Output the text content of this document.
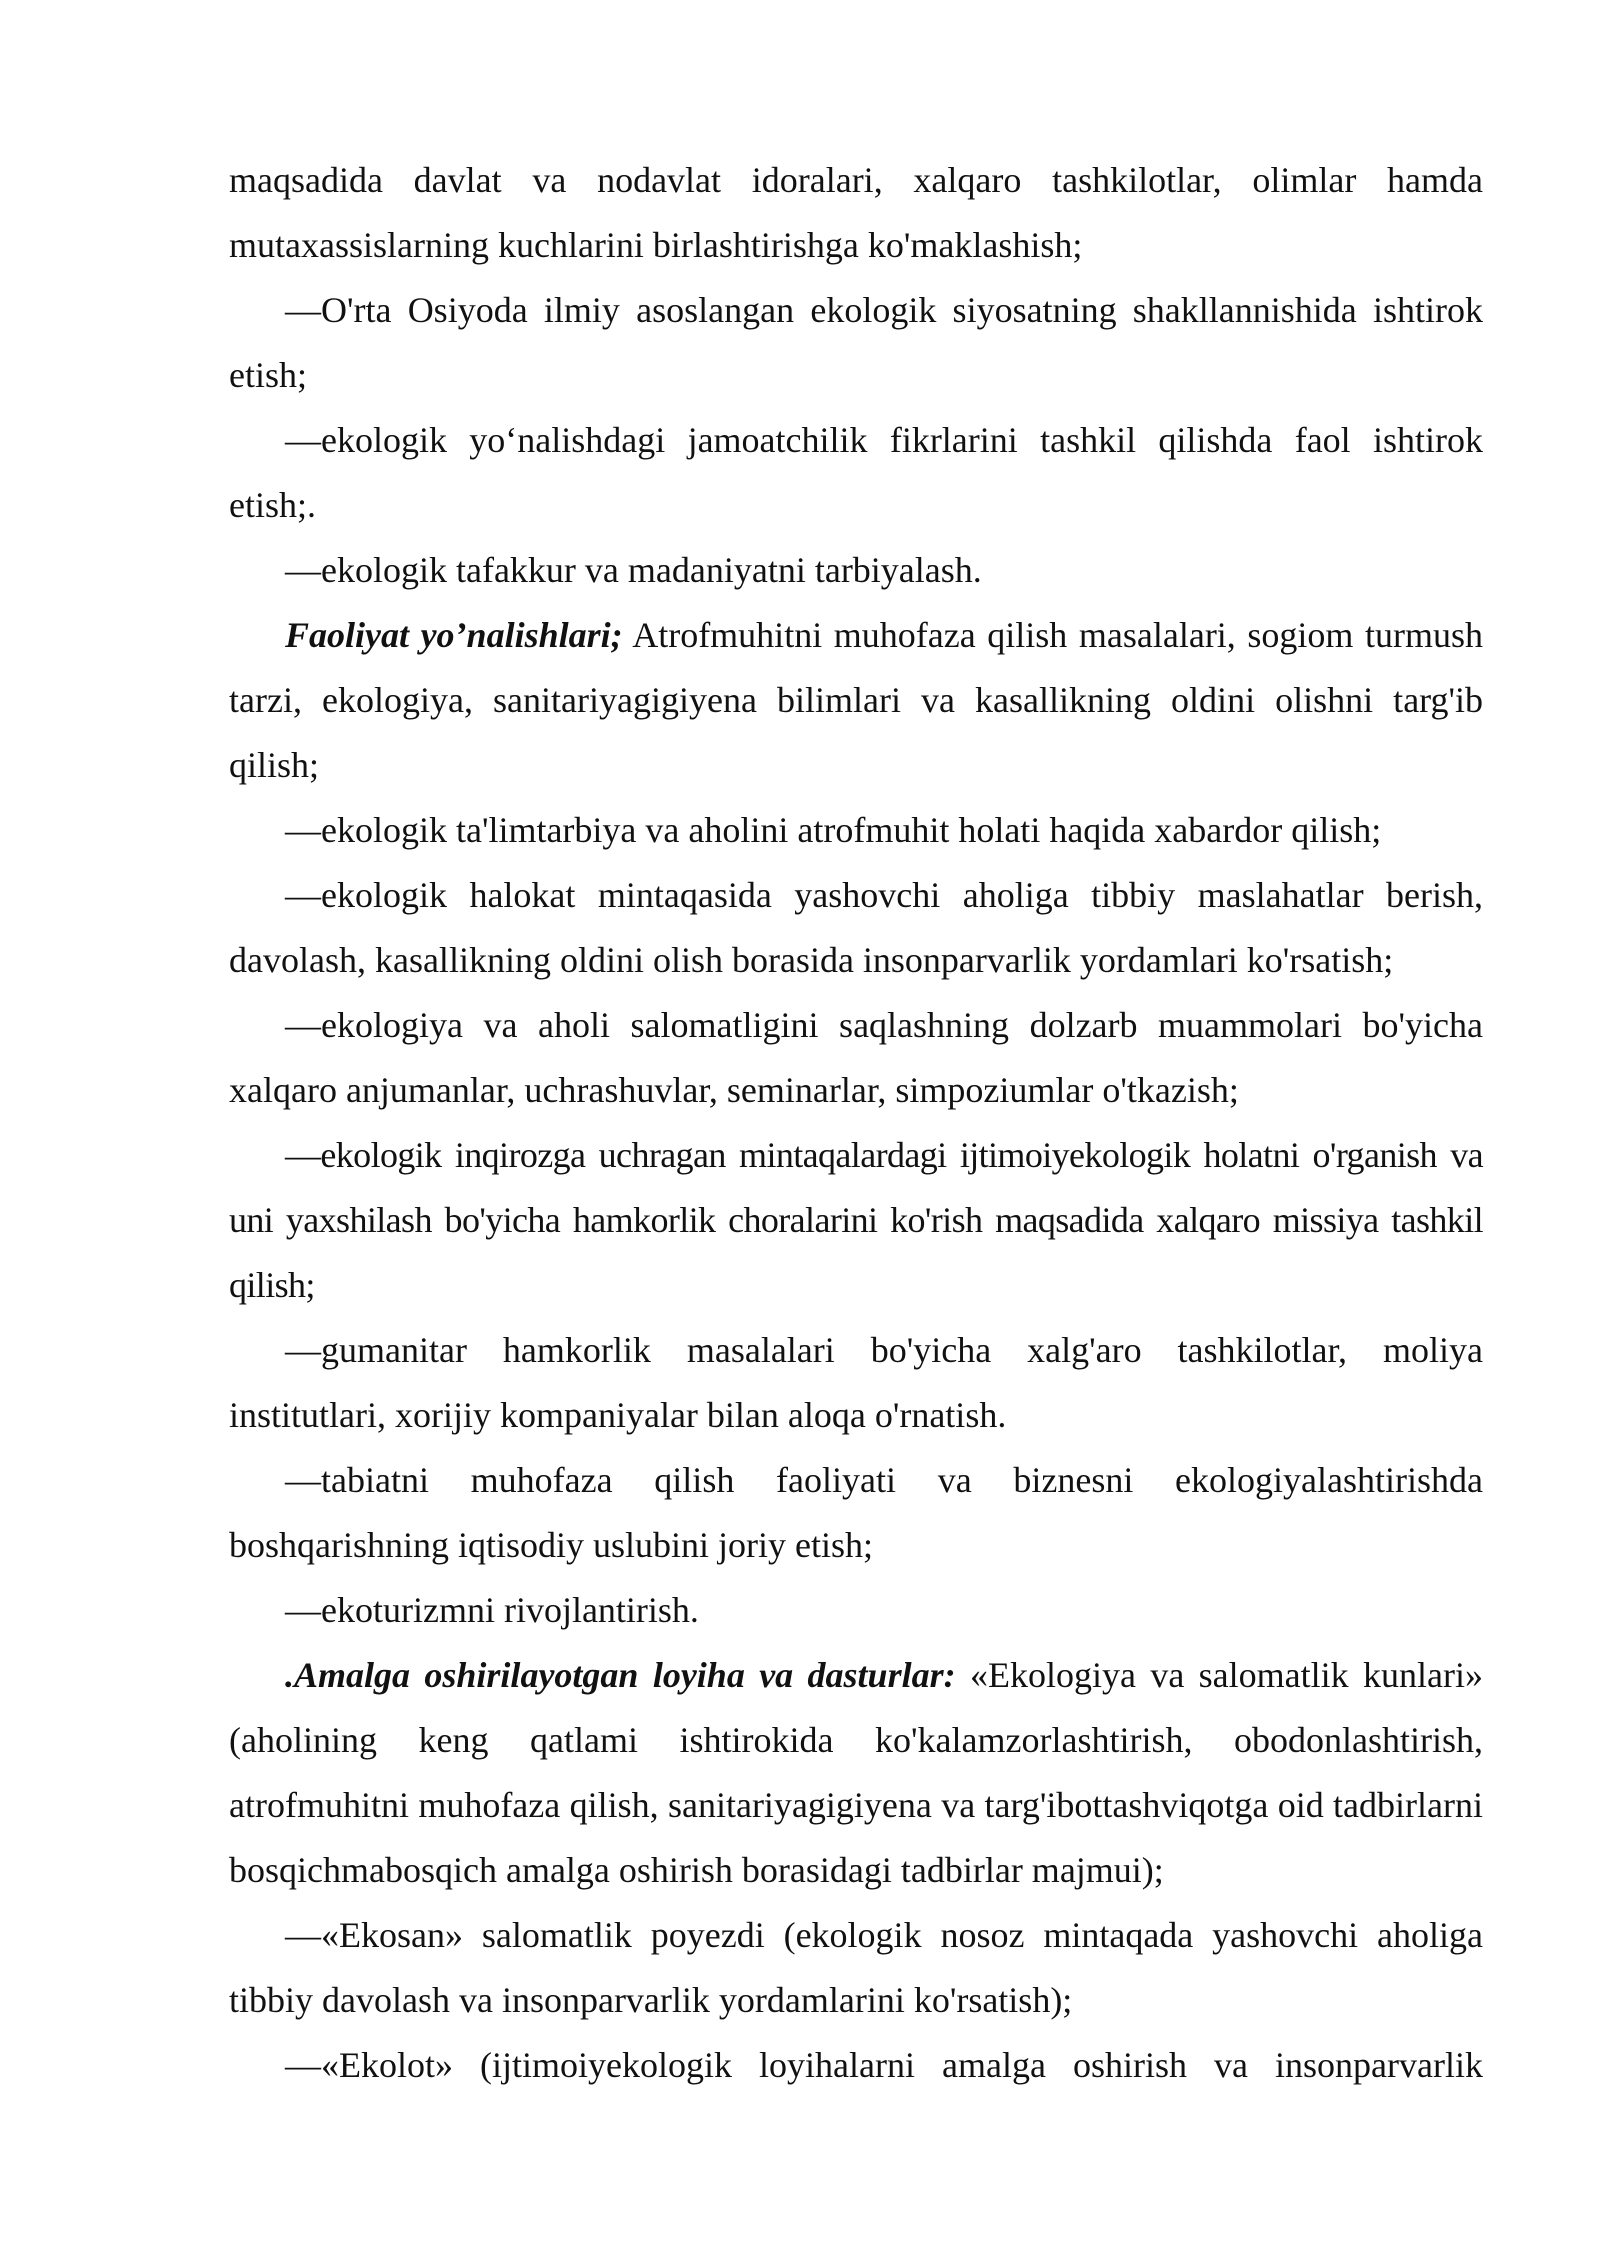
maqsadida davlat va nodavlat idoralari, xalqaro tashkilotlar, olimlar hamda mutaxassislarning kuchlarini birlashtirishga ko'maklashish;

—O'rta Osiyoda ilmiy asoslangan ekologik siyosatning shakllannishida ishtirok etish;

—ekologik yoʻnalishdagi jamoatchilik fikrlarini tashkil qilishda faol ishtirok etish;.

—ekologik tafakkur va madaniyatni tarbiyalash.

Faoliyat yo’nalishlari; Atrofmuhitni muhofaza qilish masalalari, sogiom turmush tarzi, ekologiya, sanitariyagigiyena bilimlari va kasallikning oldini olishni targ'ib qilish;

—ekologik ta'limtarbiya va aholini atrofmuhit holati haqida xabardor qilish;

—ekologik halokat mintaqasida yashovchi aholiga tibbiy maslahatlar berish, davolash, kasallikning oldini olish borasida insonparvarlik yordamlari ko'rsatish;

—ekologiya va aholi salomatligini saqlashning dolzarb muammolari bo'yicha xalqaro anjumanlar, uchrashuvlar, seminarlar, simpoziumlar o'tkazish;

—ekologik inqirozga uchragan mintaqalardagi ijtimoiyekologik holatni o'rganish va uni yaxshilash bo'yicha hamkorlik choralarini ko'rish maqsadida xalqaro missiya tashkil qilish;

—gumanitar hamkorlik masalalari bo'yicha xalg'aro tashkilotlar, moliya institutlari, xorijiy kompaniyalar bilan aloqa o'rnatish.

—tabiatni muhofaza qilish faoliyati va biznesni ekologiyalashtirishda boshqarishning iqtisodiy uslubini joriy etish;

—ekoturizmni rivojlantirish.

.Amalga oshirilayotgan loyiha va dasturlar: «Ekologiya va salomatlik kunlari» (aholining keng qatlami ishtirokida ko'kalamzorlashtirish, obodonlashtirish, atrofmuhitni muhofaza qilish, sanitariyagigiyena va targ'ibottashviqotga oid tadbirlarni bosqichmabosqich amalga oshirish borasidagi tadbirlar majmui);

—«Ekosan» salomatlik poyezdi (ekologik nosoz mintaqada yashovchi aholiga tibbiy davolash va insonparvarlik yordamlarini ko'rsatish);

—«Ekolot» (ijtimoiyekologik loyihalarni amalga oshirish va insonparvarlik
